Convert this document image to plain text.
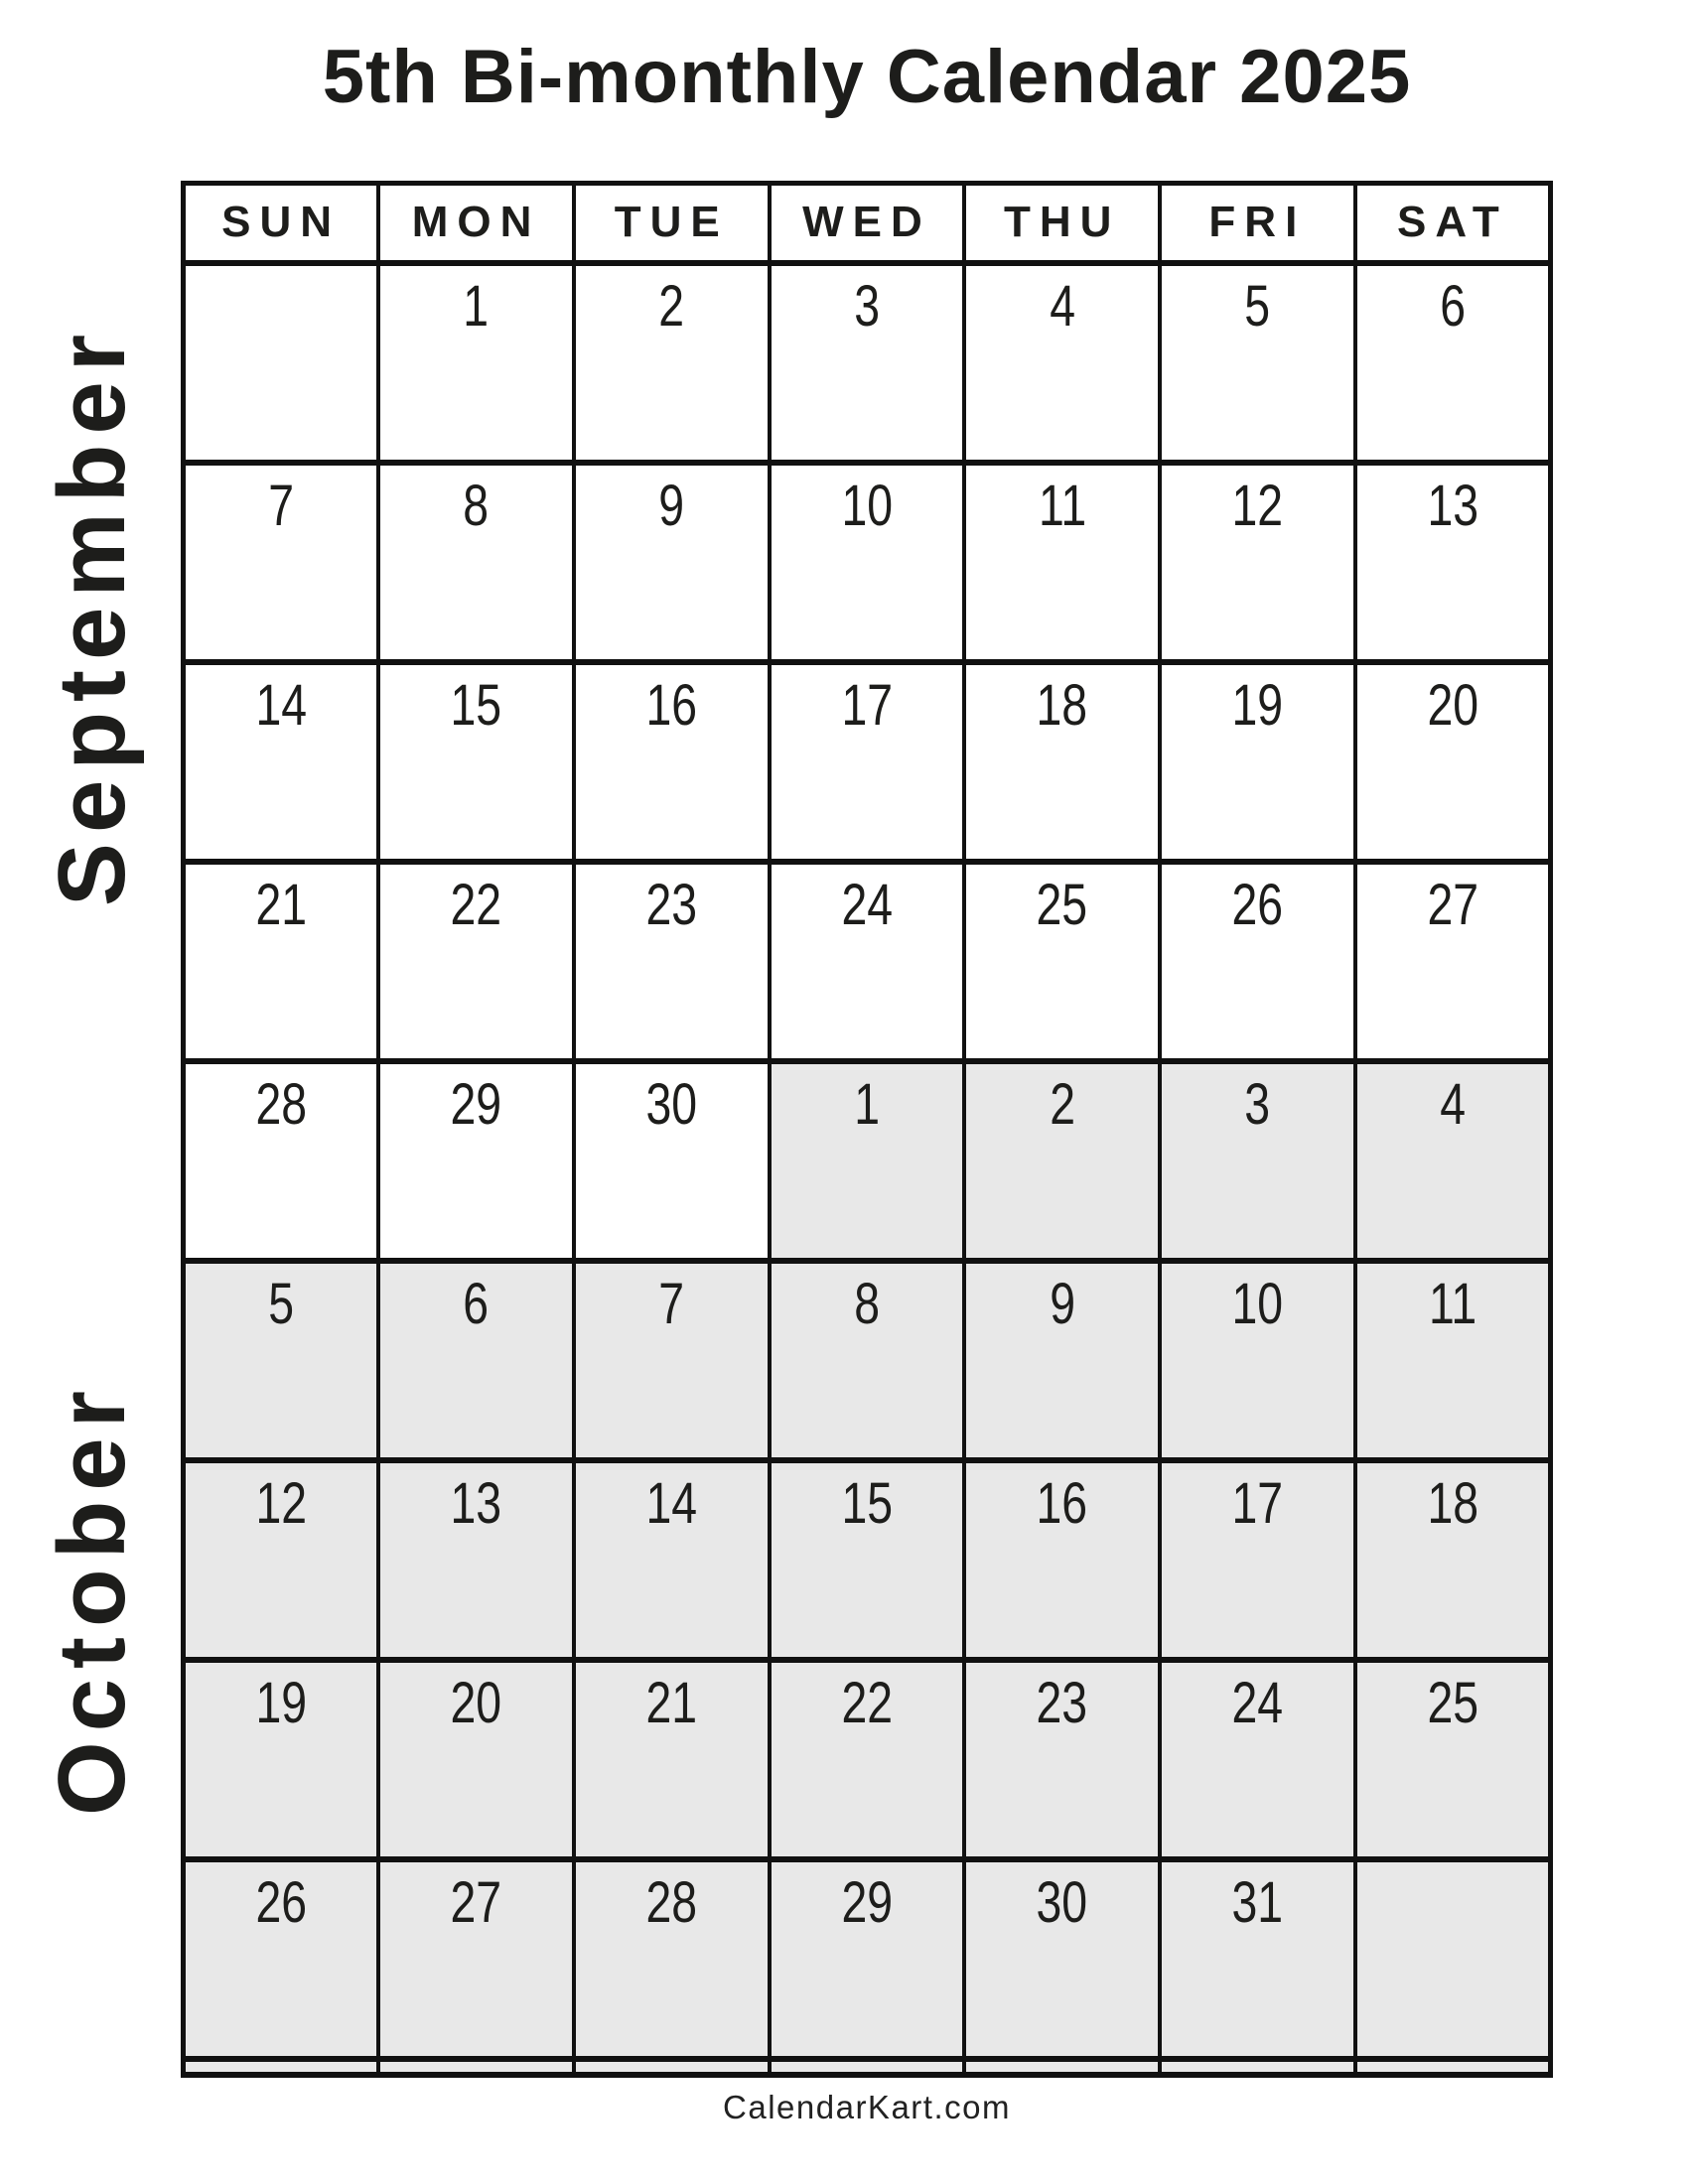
5th Bi-monthly Calendar 2025
September
October
SUN	MON	TUE	WED	THU	FRI	SAT
	1	2	3	4	5	6
7	8	9	10	11	12	13
14	15	16	17	18	19	20
21	22	23	24	25	26	27
28	29	30	1	2	3	4
5	6	7	8	9	10	11
12	13	14	15	16	17	18
19	20	21	22	23	24	25
26	27	28	29	30	31	

CalendarKart.com
